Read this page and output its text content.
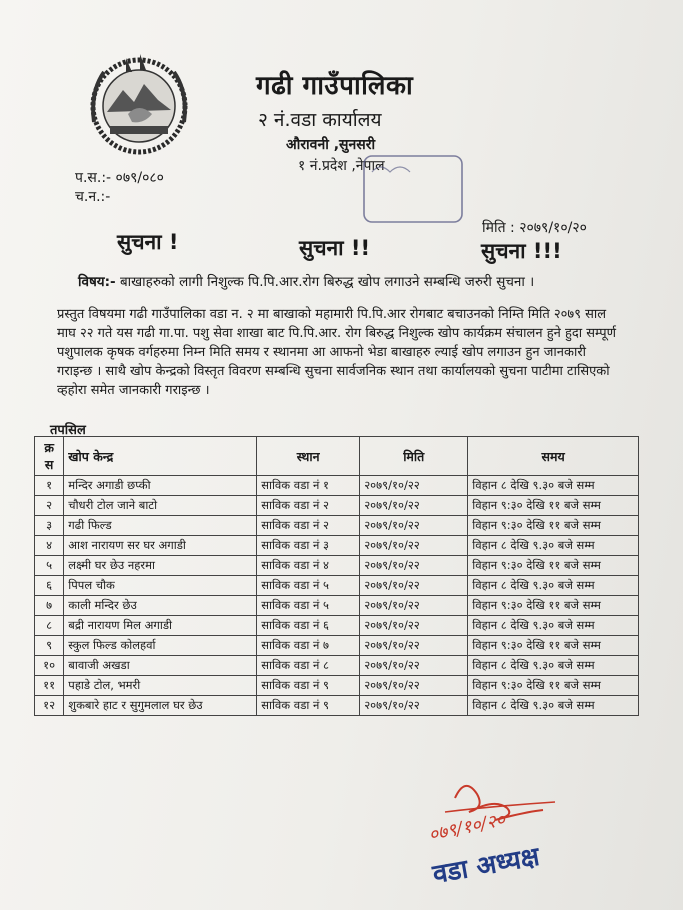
गढी गाउँपालिका
२ नं.वडा कार्यालय
औरावनी ,सुनसरी
१ नं.प्रदेश ,नेपाल
प.स.:- ०७९/०८०
च.न.:-
मिति : २०७९/१०/२०
सुचना !	सुचना !!	सुचना !!!
विषय:- बाखाहरुको लागी निशुल्क पि.पि.आर.रोग बिरुद्ध खोप लगाउने सम्बन्धि जरुरी सुचना ।
प्रस्तुत विषयमा गढी गाउँपालिका वडा न. २ मा बाखाको महामारी पि.पि.आर रोगबाट बचाउनको निम्ति मिति २०७९ साल माघ २२ गते यस गढी गा.पा. पशु सेवा शाखा बाट पि.पि.आर. रोग बिरुद्ध निशुल्क खोप कार्यक्रम संचालन हुने हुदा सम्पूर्ण पशुपालक कृषक वर्गहरुमा निम्न मिति समय र स्थानमा आ आफनो भेडा बाखाहरु ल्याई खोप लगाउन हुन जानकारी गराइन्छ । साथै खोप केन्द्रको विस्तृत विवरण सम्बन्धि सुचना सार्वजनिक स्थान तथा कार्यालयको सुचना पाटीमा टासिएको व्हहोरा समेत जानकारी गराइन्छ ।
तपसिल
क्र स	खोप केन्द्र	स्थान	मिति	समय
१	मन्दिर अगाडी छप्की	साविक वडा नं १	२०७९/१०/२२	विहान ८ देखि ९.३० बजे सम्म
२	चौधरी टोल जाने बाटो	साविक वडा नं २	२०७९/१०/२२	विहान ९:३० देखि ११ बजे सम्म
३	गढी फिल्ड	साविक वडा नं २	२०७९/१०/२२	विहान ९:३० देखि ११ बजे सम्म
४	आश नारायण सर घर अगाडी	साविक वडा नं ३	२०७९/१०/२२	विहान ८ देखि ९.३० बजे सम्म
५	लक्ष्मी घर छेउ नहरमा	साविक वडा नं ४	२०७९/१०/२२	विहान ९:३० देखि ११ बजे सम्म
६	पिपल चौक	साविक वडा नं ५	२०७९/१०/२२	विहान ८ देखि ९.३० बजे सम्म
७	काली मन्दिर छेउ	साविक वडा नं ५	२०७९/१०/२२	विहान ९:३० देखि ११ बजे सम्म
८	बद्री नारायण मिल अगाडी	साविक वडा नं ६	२०७९/१०/२२	विहान ८ देखि ९.३० बजे सम्म
९	स्कुल फिल्ड कोलहर्वा	साविक वडा नं ७	२०७९/१०/२२	विहान ९:३० देखि ११ बजे सम्म
१०	बावाजी अखडा	साविक वडा नं ८	२०७९/१०/२२	विहान ८ देखि ९.३० बजे सम्म
११	पहाडे टोल, भमरी	साविक वडा नं ९	२०७९/१०/२२	विहान ९:३० देखि ११ बजे सम्म
१२	शुकबारे हाट र सुगुमलाल घर छेउ	साविक वडा नं ९	२०७९/१०/२२	विहान ८ देखि ९.३० बजे सम्म
०७९/१०/२०
वडा अध्यक्ष
